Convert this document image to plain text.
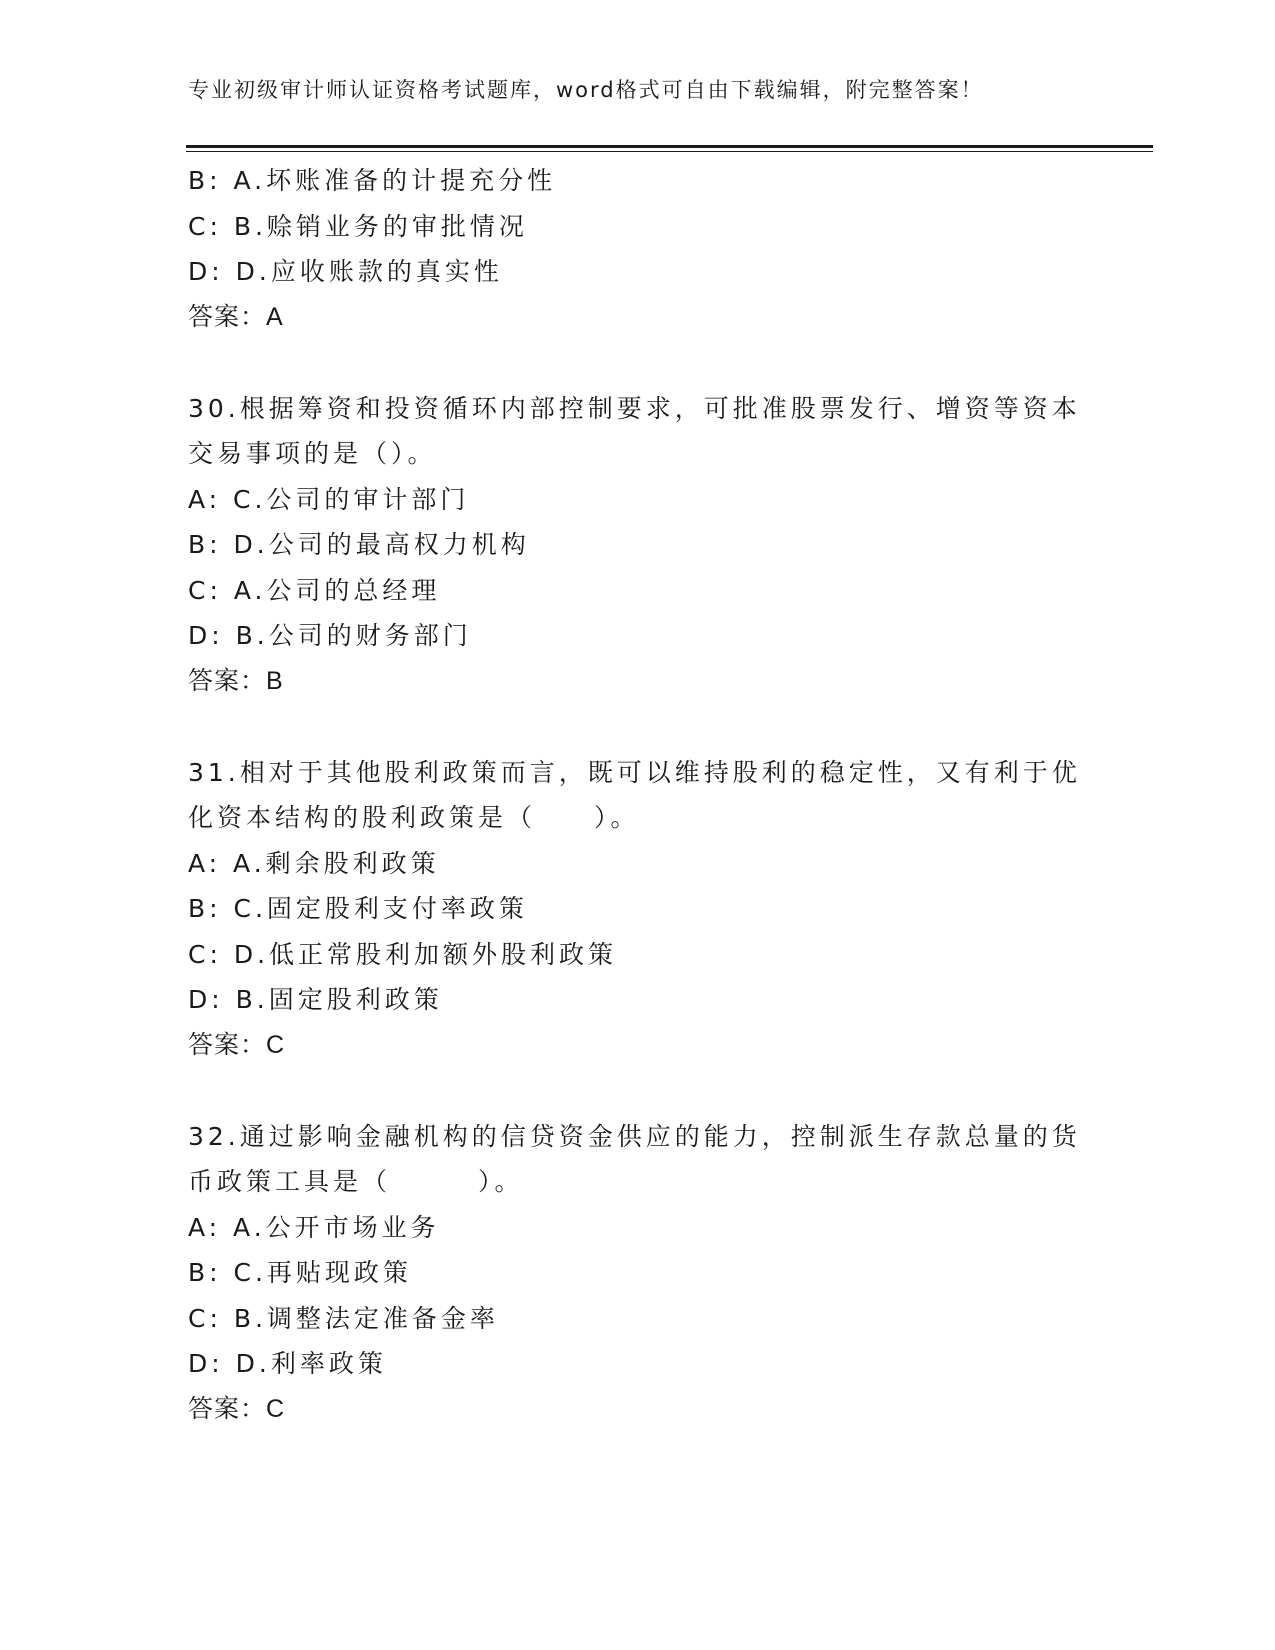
专业初级审计师认证资格考试题库，word格式可自由下载编辑，附完整答案！
B: A.坏账准备的计提充分性
C: B.赊销业务的审批情况
D: D.应收账款的真实性
答案：A
30.根据筹资和投资循环内部控制要求，可批准股票发行、增资等资本
交易事项的是（）。
A: C.公司的审计部门
B: D.公司的最高权力机构
C: A.公司的总经理
D: B.公司的财务部门
答案：B
31.相对于其他股利政策而言，既可以维持股利的稳定性，又有利于优
化资本结构的股利政策是（　　）。
A: A.剩余股利政策
B: C.固定股利支付率政策
C: D.低正常股利加额外股利政策
D: B.固定股利政策
答案：C
32.通过影响金融机构的信贷资金供应的能力，控制派生存款总量的货
币政策工具是（　　　）。
A: A.公开市场业务
B: C.再贴现政策
C: B.调整法定准备金率
D: D.利率政策
答案：C
